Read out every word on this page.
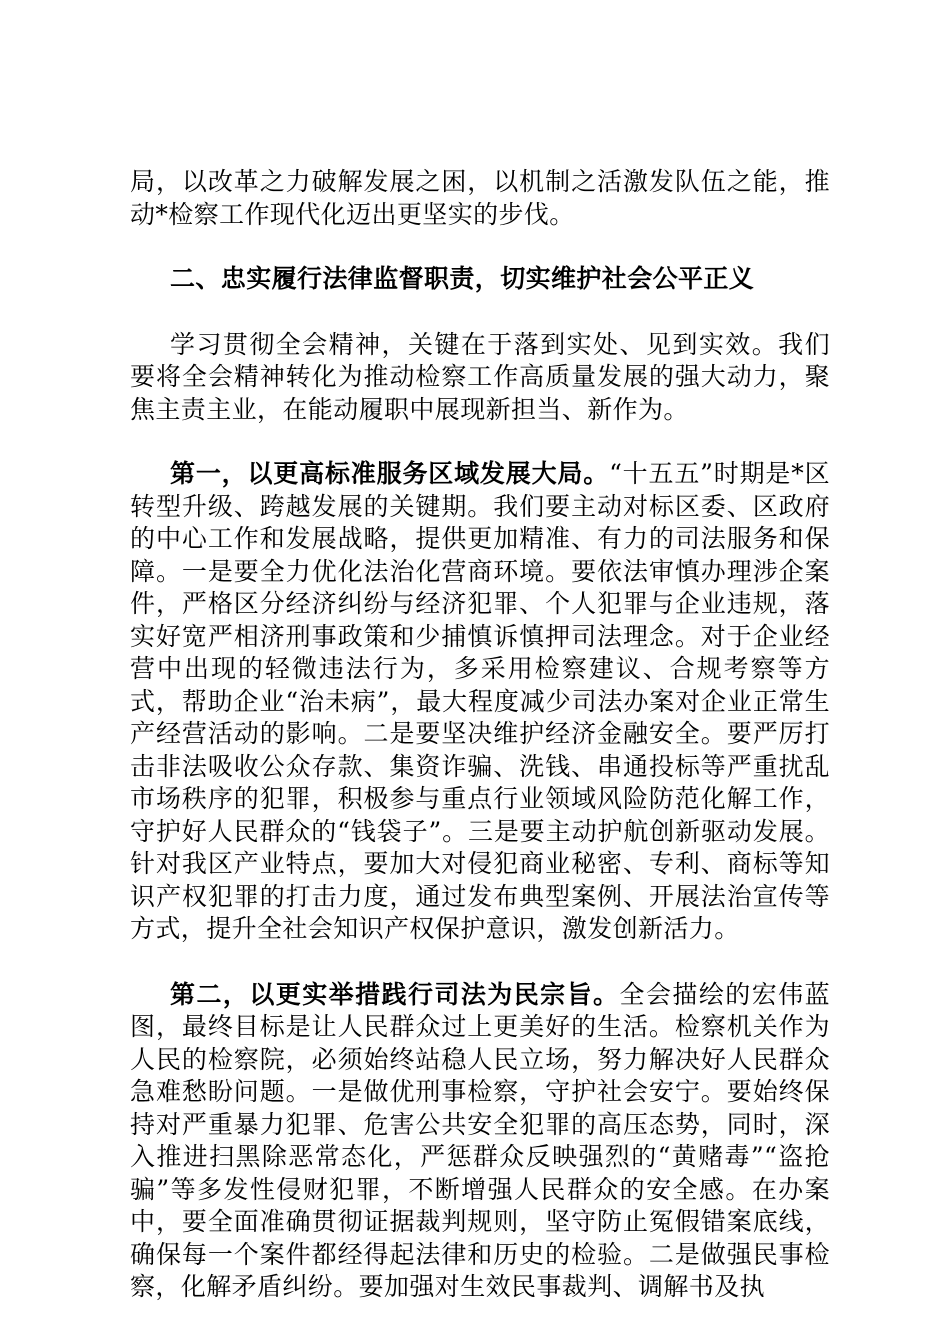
局，以改革之力破解发展之困，以机制之活激发队伍之能，推动*检察工作现代化迈出更坚实的步伐。

二、忠实履行法律监督职责，切实维护社会公平正义

学习贯彻全会精神，关键在于落到实处、见到实效。我们要将全会精神转化为推动检察工作高质量发展的强大动力，聚焦主责主业，在能动履职中展现新担当、新作为。

第一，以更高标准服务区域发展大局。“十五五”时期是*区转型升级、跨越发展的关键期。我们要主动对标区委、区政府的中心工作和发展战略，提供更加精准、有力的司法服务和保障。一是要全力优化法治化营商环境。要依法审慎办理涉企案件，严格区分经济纠纷与经济犯罪、个人犯罪与企业违规，落实好宽严相济刑事政策和少捕慎诉慎押司法理念。对于企业经营中出现的轻微违法行为，多采用检察建议、合规考察等方式，帮助企业“治未病”，最大程度减少司法办案对企业正常生产经营活动的影响。二是要坚决维护经济金融安全。要严厉打击非法吸收公众存款、集资诈骗、洗钱、串通投标等严重扰乱市场秩序的犯罪，积极参与重点行业领域风险防范化解工作，守护好人民群众的“钱袋子”。三是要主动护航创新驱动发展。针对我区产业特点，要加大对侵犯商业秘密、专利、商标等知识产权犯罪的打击力度，通过发布典型案例、开展法治宣传等方式，提升全社会知识产权保护意识，激发创新活力。

第二，以更实举措践行司法为民宗旨。全会描绘的宏伟蓝图，最终目标是让人民群众过上更美好的生活。检察机关作为人民的检察院，必须始终站稳人民立场，努力解决好人民群众急难愁盼问题。一是做优刑事检察，守护社会安宁。要始终保持对严重暴力犯罪、危害公共安全犯罪的高压态势，同时，深入推进扫黑除恶常态化，严惩群众反映强烈的“黄赌毒”“盗抢骗”等多发性侵财犯罪，不断增强人民群众的安全感。在办案中，要全面准确贯彻证据裁判规则，坚守防止冤假错案底线，确保每一个案件都经得起法律和历史的检验。二是做强民事检察，化解矛盾纠纷。要加强对生效民事裁判、调解书及执
